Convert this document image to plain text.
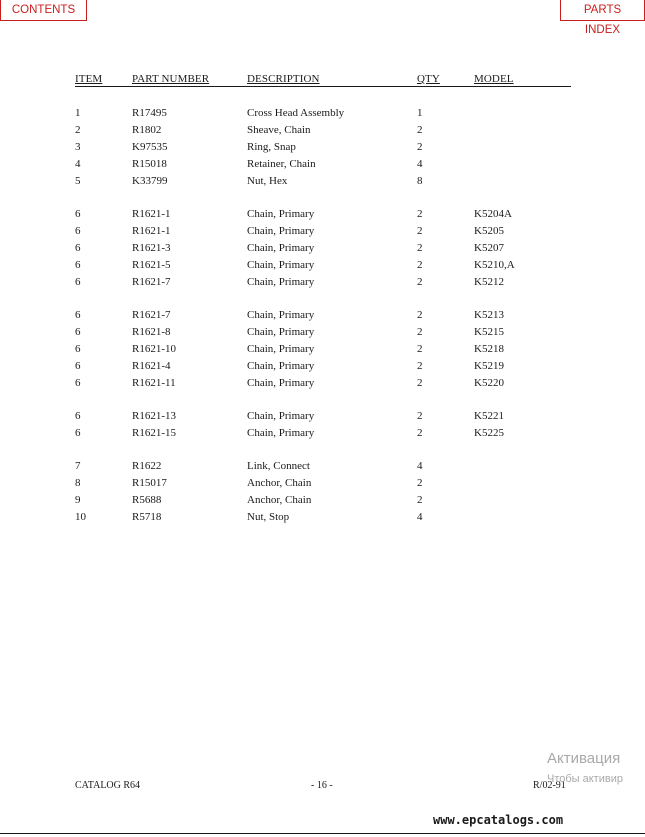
CONTENTS	PARTS INDEX
ITEM	PART NUMBER	DESCRIPTION	QTY	MODEL
1	R17495	Cross Head Assembly	1
2	R1802	Sheave, Chain	2
3	K97535	Ring, Snap	2
4	R15018	Retainer, Chain	4
5	K33799	Nut, Hex	8
6	R1621-1	Chain, Primary	2	K5204A
6	R1621-1	Chain, Primary	2	K5205
6	R1621-3	Chain, Primary	2	K5207
6	R1621-5	Chain, Primary	2	K5210,A
6	R1621-7	Chain, Primary	2	K5212
6	R1621-7	Chain, Primary	2	K5213
6	R1621-8	Chain, Primary	2	K5215
6	R1621-10	Chain, Primary	2	K5218
6	R1621-4	Chain, Primary	2	K5219
6	R1621-11	Chain, Primary	2	K5220
6	R1621-13	Chain, Primary	2	K5221
6	R1621-15	Chain, Primary	2	K5225
7	R1622	Link, Connect	4
8	R15017	Anchor, Chain	2
9	R5688	Anchor, Chain	2
10	R5718	Nut, Stop	4
CATALOG R64	- 16 -	R/02-91
Активация
Чтобы активир
www.epcatalogs.com
